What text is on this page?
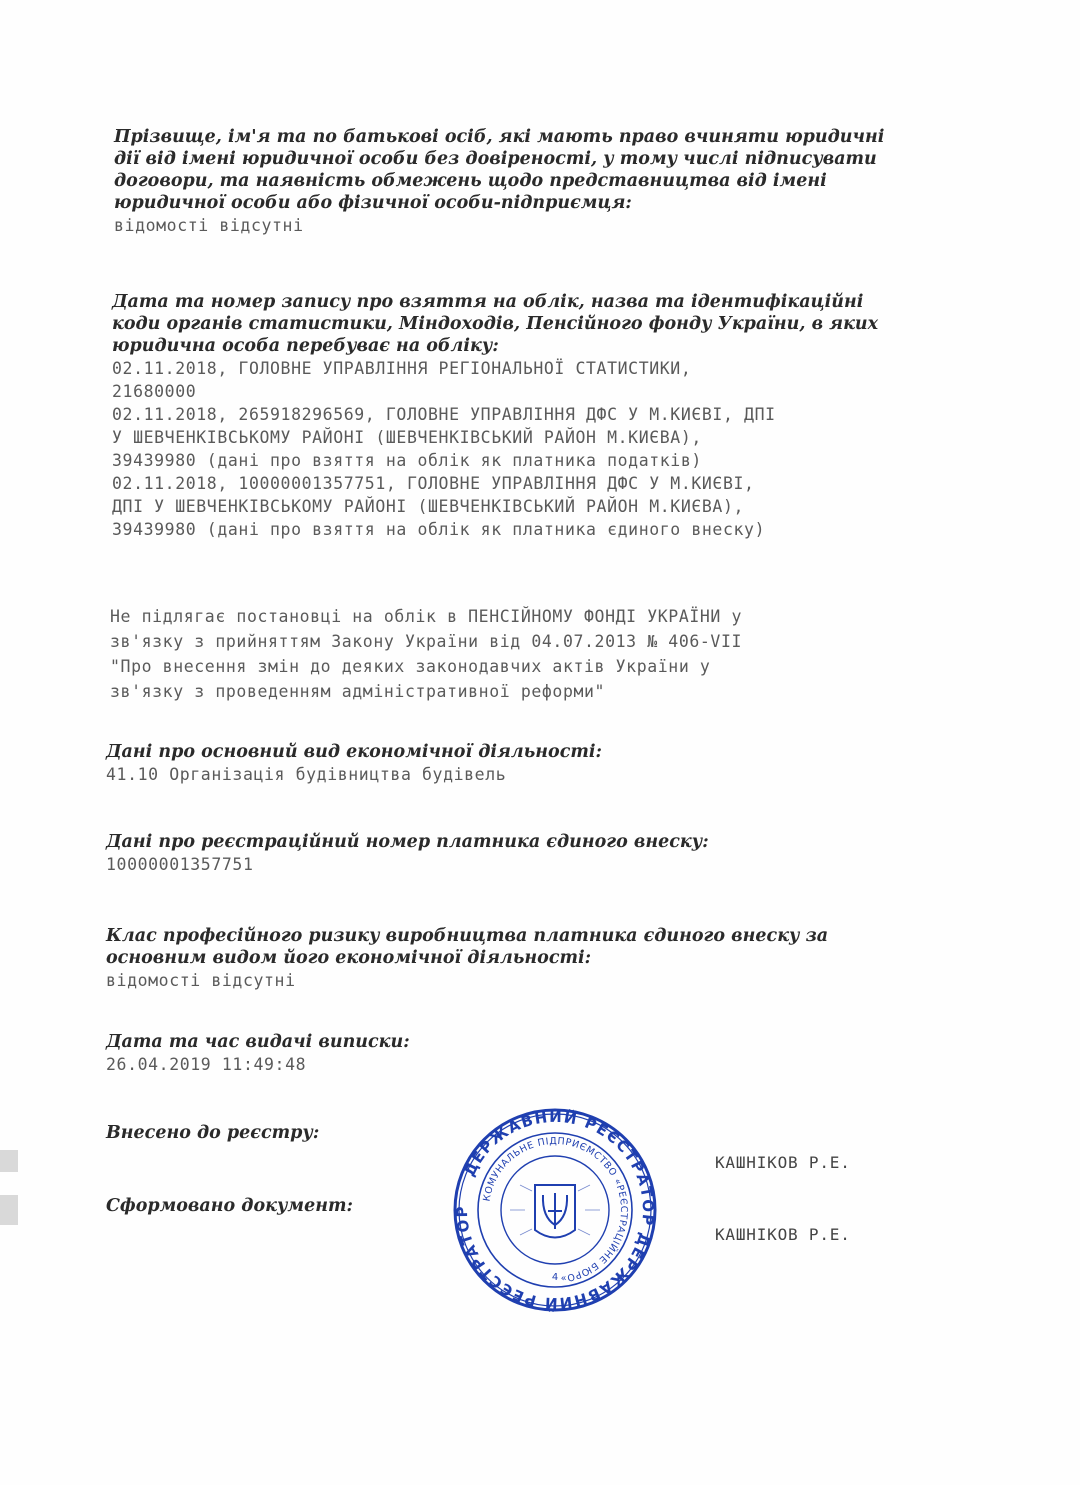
Прізвище, ім'я та по батькові осіб, які мають право вчиняти юридичні дії від імені юридичної особи без довіреності, у тому числі підписувати договори, та наявність обмежень щодо представництва від імені юридичної особи або фізичної особи-підприємця:

відомості відсутні

Дата та номер запису про взяття на облік, назва та ідентифікаційні коди органів статистики, Міндоходів, Пенсійного фонду України, в яких юридична особа перебуває на обліку:

02.11.2018, ГОЛОВНЕ УПРАВЛІННЯ РЕГІОНАЛЬНОЇ СТАТИСТИКИ,
21680000
02.11.2018, 265918296569, ГОЛОВНЕ УПРАВЛІННЯ ДФС У М.КИЄВІ, ДПІ
У ШЕВЧЕНКІВСЬКОМУ РАЙОНІ (ШЕВЧЕНКІВСЬКИЙ РАЙОН М.КИЄВА),
39439980 (дані про взяття на облік як платника податків)
02.11.2018, 10000001357751, ГОЛОВНЕ УПРАВЛІННЯ ДФС У М.КИЄВІ,
ДПІ У ШЕВЧЕНКІВСЬКОМУ РАЙОНІ (ШЕВЧЕНКІВСЬКИЙ РАЙОН М.КИЄВА),
39439980 (дані про взяття на облік як платника єдиного внеску)

Не підлягає постановці на облік в ПЕНСІЙНОМУ ФОНДІ УКРАЇНИ у
зв'язку з прийняттям Закону України від 04.07.2013 № 406-VII
"Про внесення змін до деяких законодавчих актів України у
зв'язку з проведенням адміністративної реформи"

Дані про основний вид економічної діяльності:

41.10 Організація будівництва будівель

Дані про реєстраційний номер платника єдиного внеску:

10000001357751

Клас професійного ризику виробництва платника єдиного внеску за основним видом його економічної діяльності:

відомості відсутні

Дата та час видачі виписки:

26.04.2019 11:49:48

Внесено до реєстру:

Сформовано документ:

КАШНІКОВ Р.Е.
КАШНІКОВ Р.Е.
ДЕРЖАВНИЙ РЕЄСТРАТОР
ДЕРЖАВНИЙ РЕЄСТРАТОР
КОМУНАЛЬНЕ ПІДПРИЄМСТВО «РЕЄСТРАЦІЙНЕ БЮРО»
4
